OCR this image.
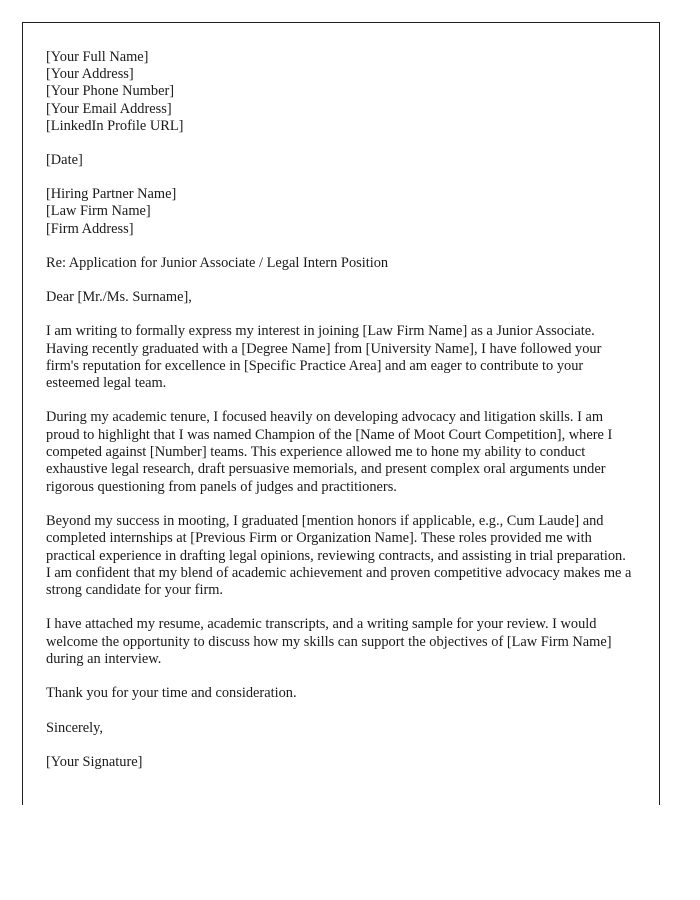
[Your Full Name]
[Your Address]
[Your Phone Number]
[Your Email Address]
[LinkedIn Profile URL]
[Date]
[Hiring Partner Name]
[Law Firm Name]
[Firm Address]
Re: Application for Junior Associate / Legal Intern Position
Dear [Mr./Ms. Surname],

I am writing to formally express my interest in joining [Law Firm Name] as a Junior Associate. Having recently graduated with a [Degree Name] from [University Name], I have followed your firm's reputation for excellence in [Specific Practice Area] and am eager to contribute to your esteemed legal team.

During my academic tenure, I focused heavily on developing advocacy and litigation skills. I am proud to highlight that I was named Champion of the [Name of Moot Court Competition], where I competed against [Number] teams. This experience allowed me to hone my ability to conduct exhaustive legal research, draft persuasive memorials, and present complex oral arguments under rigorous questioning from panels of judges and practitioners.

Beyond my success in mooting, I graduated [mention honors if applicable, e.g., Cum Laude] and completed internships at [Previous Firm or Organization Name]. These roles provided me with practical experience in drafting legal opinions, reviewing contracts, and assisting in trial preparation. I am confident that my blend of academic achievement and proven competitive advocacy makes me a strong candidate for your firm.

I have attached my resume, academic transcripts, and a writing sample for your review. I would welcome the opportunity to discuss how my skills can support the objectives of [Law Firm Name] during an interview.

Thank you for your time and consideration.

Sincerely,
[Your Signature]
